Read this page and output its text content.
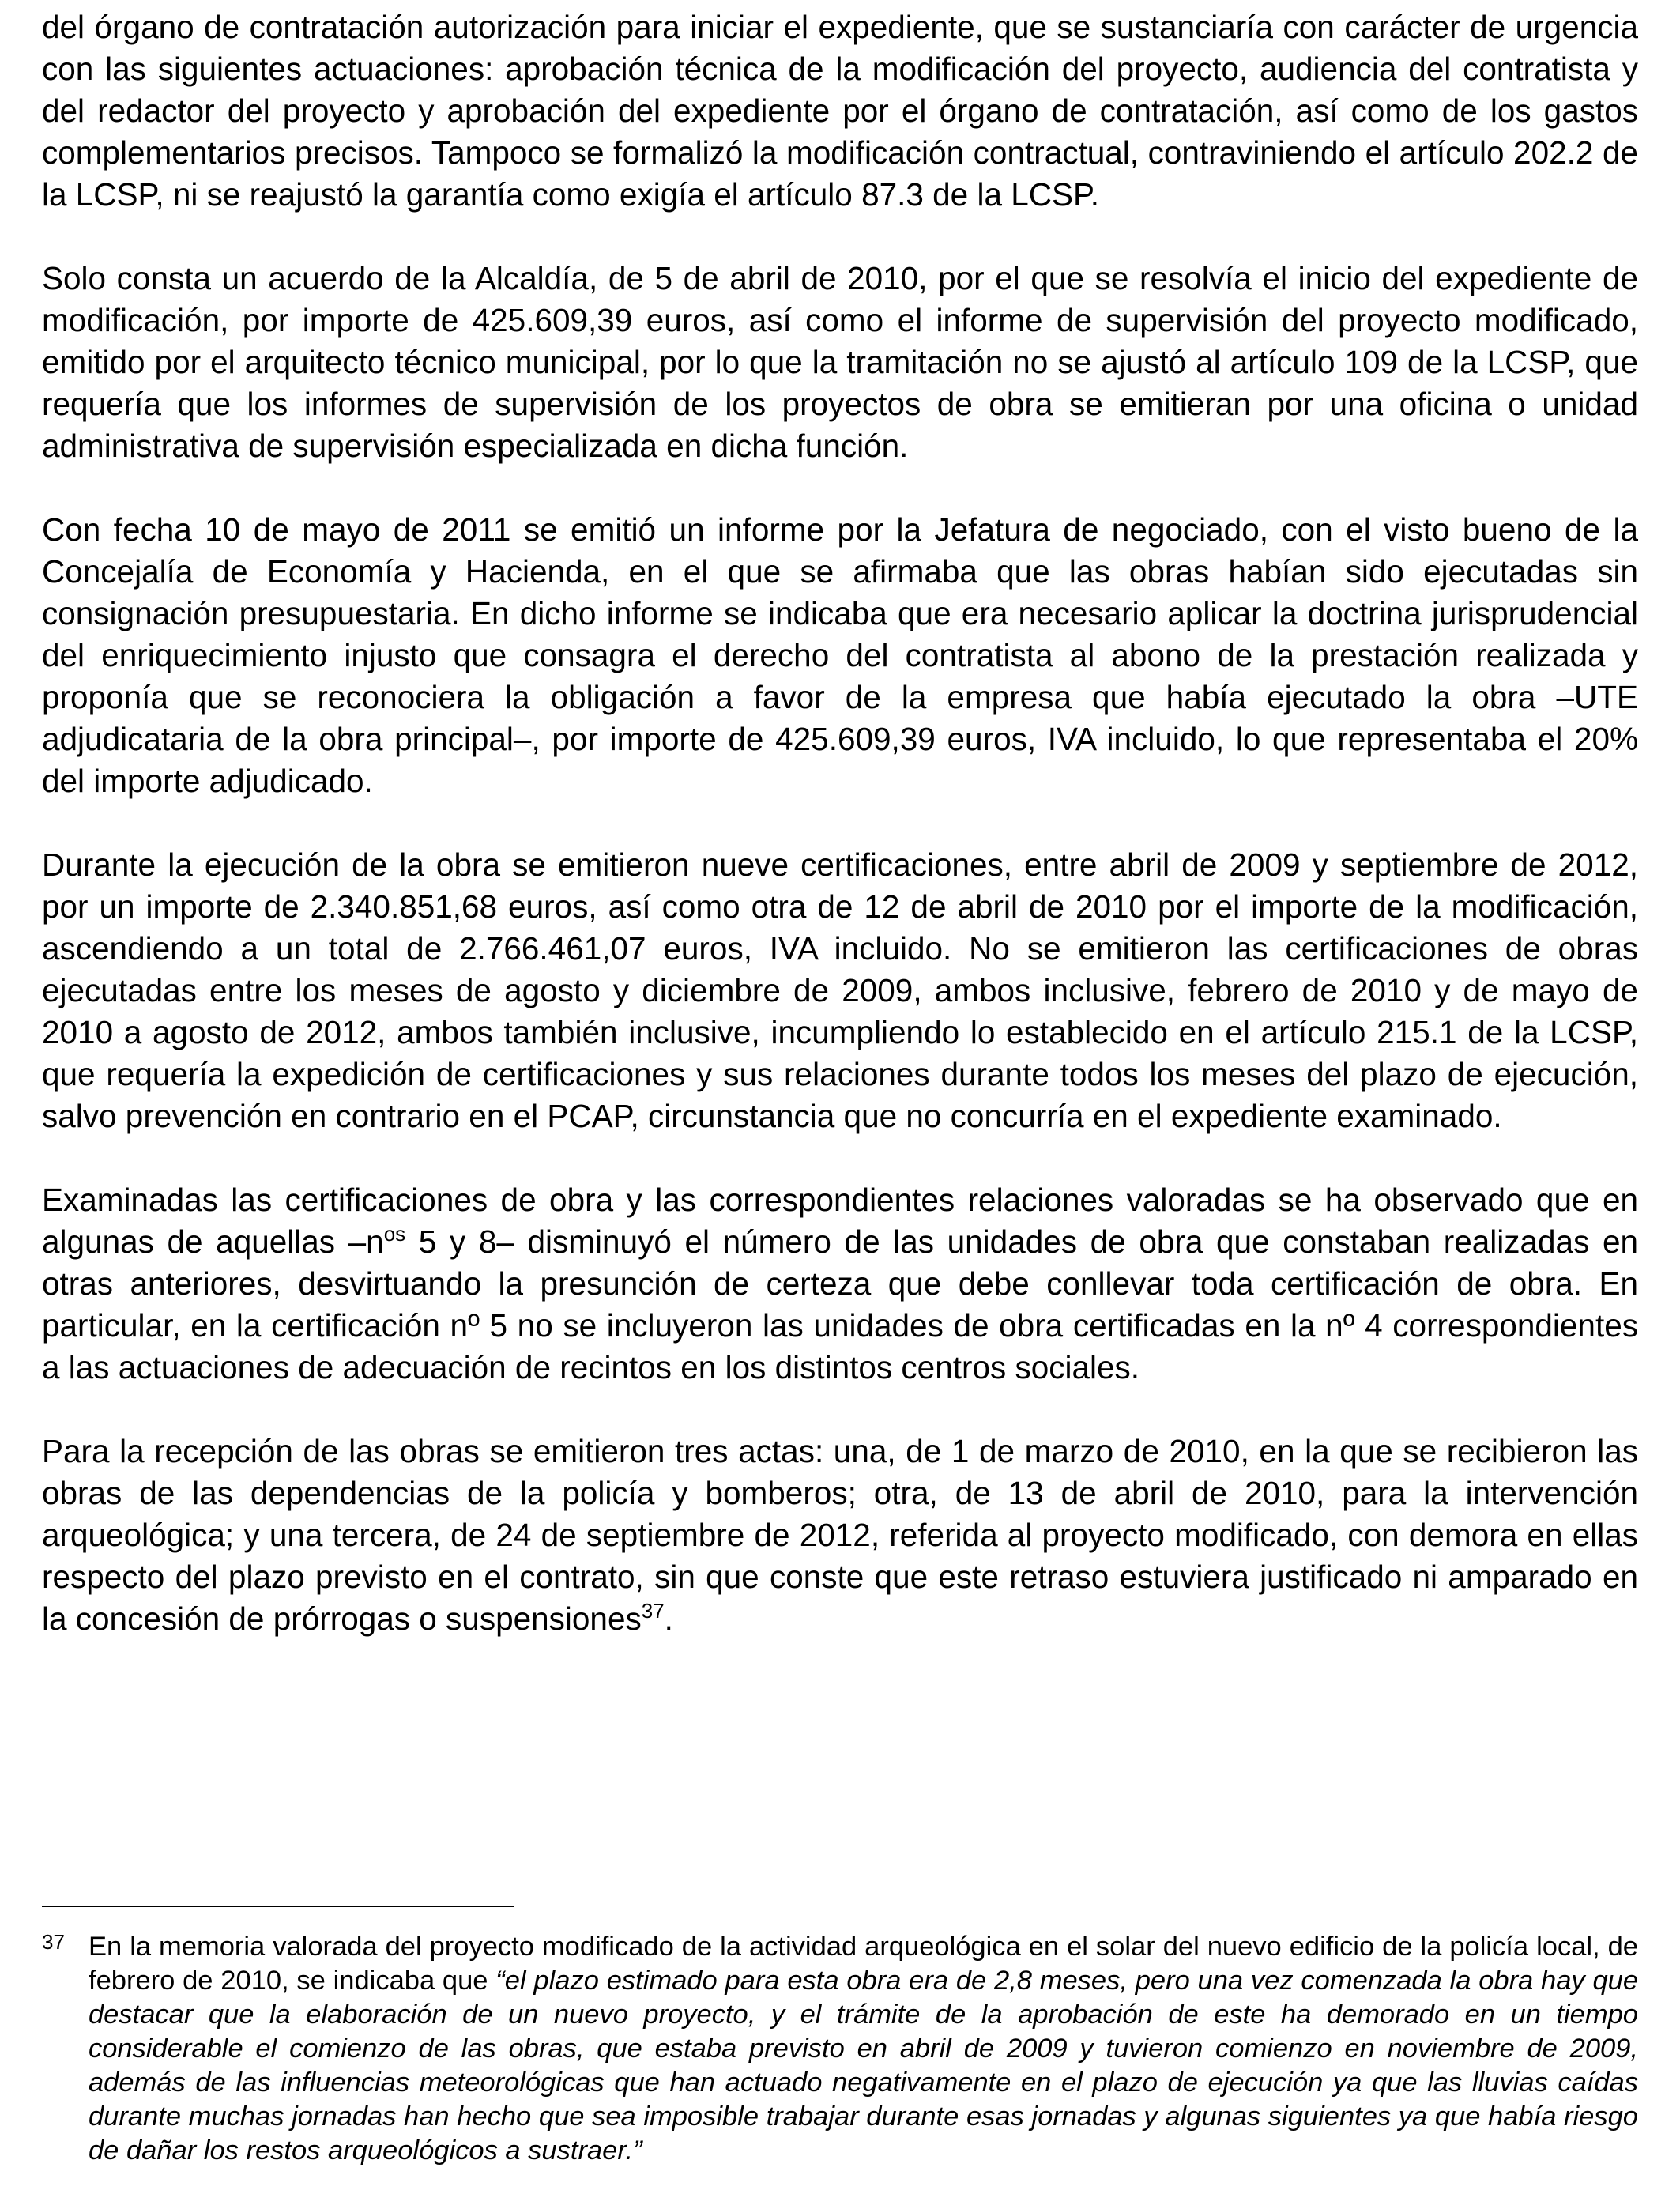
del órgano de contratación autorización para iniciar el expediente, que se sustanciaría con carácter de urgencia con las siguientes actuaciones: aprobación técnica de la modificación del proyecto, audiencia del contratista y del redactor del proyecto y aprobación del expediente por el órgano de contratación, así como de los gastos complementarios precisos. Tampoco se formalizó la modificación contractual, contraviniendo el artículo 202.2 de la LCSP, ni se reajustó la garantía como exigía el artículo 87.3 de la LCSP.

Solo consta un acuerdo de la Alcaldía, de 5 de abril de 2010, por el que se resolvía el inicio del expediente de modificación, por importe de 425.609,39 euros, así como el informe de supervisión del proyecto modificado, emitido por el arquitecto técnico municipal, por lo que la tramitación no se ajustó al artículo 109 de la LCSP, que requería que los informes de supervisión de los proyectos de obra se emitieran por una oficina o unidad administrativa de supervisión especializada en dicha función.

Con fecha 10 de mayo de 2011 se emitió un informe por la Jefatura de negociado, con el visto bueno de la Concejalía de Economía y Hacienda, en el que se afirmaba que las obras habían sido ejecutadas sin consignación presupuestaria. En dicho informe se indicaba que era necesario aplicar la doctrina jurisprudencial del enriquecimiento injusto que consagra el derecho del contratista al abono de la prestación realizada y proponía que se reconociera la obligación a favor de la empresa que había ejecutado la obra –UTE adjudicataria de la obra principal–, por importe de 425.609,39 euros, IVA incluido, lo que representaba el 20% del importe adjudicado.

Durante la ejecución de la obra se emitieron nueve certificaciones, entre abril de 2009 y septiembre de 2012, por un importe de 2.340.851,68 euros, así como otra de 12 de abril de 2010 por el importe de la modificación, ascendiendo a un total de 2.766.461,07 euros, IVA incluido. No se emitieron las certificaciones de obras ejecutadas entre los meses de agosto y diciembre de 2009, ambos inclusive, febrero de 2010 y de mayo de 2010 a agosto de 2012, ambos también inclusive, incumpliendo lo establecido en el artículo 215.1 de la LCSP, que requería la expedición de certificaciones y sus relaciones durante todos los meses del plazo de ejecución, salvo prevención en contrario en el PCAP, circunstancia que no concurría en el expediente examinado.

Examinadas las certificaciones de obra y las correspondientes relaciones valoradas se ha observado que en algunas de aquellas –n$^{os}$ 5 y 8– disminuyó el número de las unidades de obra que constaban realizadas en otras anteriores, desvirtuando la presunción de certeza que debe conllevar toda certificación de obra. En particular, en la certificación nº 5 no se incluyeron las unidades de obra certificadas en la nº 4 correspondientes a las actuaciones de adecuación de recintos en los distintos centros sociales.

Para la recepción de las obras se emitieron tres actas: una, de 1 de marzo de 2010, en la que se recibieron las obras de las dependencias de la policía y bomberos; otra, de 13 de abril de 2010, para la intervención arqueológica; y una tercera, de 24 de septiembre de 2012, referida al proyecto modificado, con demora en ellas respecto del plazo previsto en el contrato, sin que conste que este retraso estuviera justificado ni amparado en la concesión de prórrogas o suspensiones$^{37}$.

37 En la memoria valorada del proyecto modificado de la actividad arqueológica en el solar del nuevo edificio de la policía local, de febrero de 2010, se indicaba que “el plazo estimado para esta obra era de 2,8 meses, pero una vez comenzada la obra hay que destacar que la elaboración de un nuevo proyecto, y el trámite de la aprobación de este ha demorado en un tiempo considerable el comienzo de las obras, que estaba previsto en abril de 2009 y tuvieron comienzo en noviembre de 2009, además de las influencias meteorológicas que han actuado negativamente en el plazo de ejecución ya que las lluvias caídas durante muchas jornadas han hecho que sea imposible trabajar durante esas jornadas y algunas siguientes ya que había riesgo de dañar los restos arqueológicos a sustraer.”
